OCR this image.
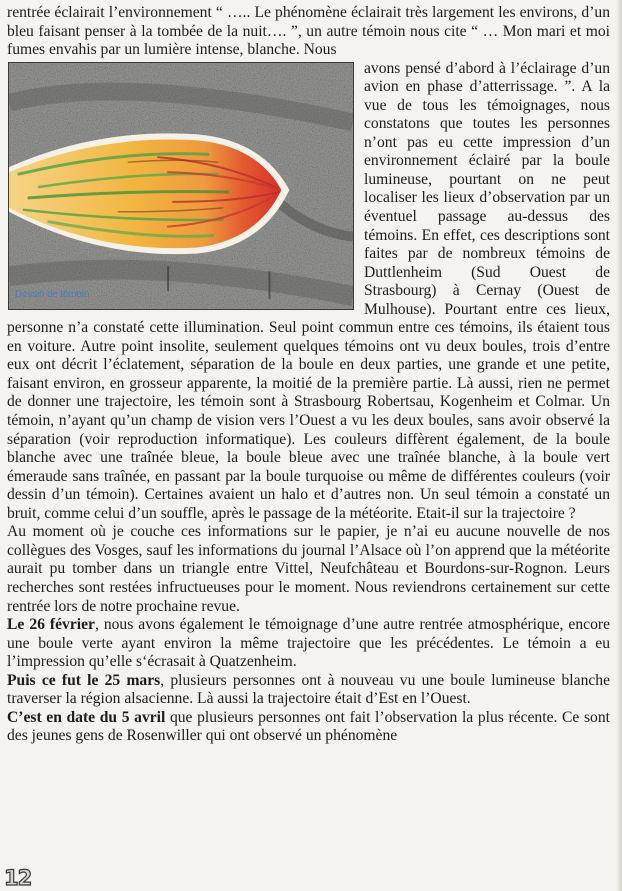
rentrée éclairait l’environnement “ ….. Le phénomène éclairait très largement les environs, d’un bleu faisant penser à la tombée de la nuit…. ”, un autre témoin nous cite “ … Mon mari et moi fumes envahis par un lumière intense, blanche. Nous

Dessin de témoin

avons pensé d’abord à l’éclairage d’un avion en phase d’atterrissage. ”. A la vue de tous les témoignages, nous constatons que toutes les personnes n’ont pas eu cette impression d’un environnement éclairé par la boule lumineuse, pourtant on ne peut localiser les lieux d’observation par un éventuel passage au-dessus des témoins. En effet, ces descriptions sont faites par de nombreux témoins de Duttlenheim (Sud Ouest de Strasbourg) à Cernay (Ouest de Mulhouse). Pourtant entre ces lieux, personne n’a constaté cette illumination. Seul point commun entre ces témoins, ils étaient tous en voiture. Autre point insolite, seulement quelques témoins ont vu deux boules, trois d’entre eux ont décrit l’éclatement, séparation de la boule en deux parties, une grande et une petite, faisant environ, en grosseur apparente, la moitié de la première partie. Là aussi, rien ne permet de donner une trajectoire, les témoin sont à Strasbourg Robertsau, Kogenheim et Colmar. Un témoin, n’ayant qu’un champ de vision vers l’Ouest a vu les deux boules, sans avoir observé la séparation (voir reproduction informatique). Les couleurs diffèrent également, de la boule blanche avec une traînée bleue, la boule bleue avec une traînée blanche, à la boule vert émeraude sans traînée, en passant par la boule turquoise ou même de différentes couleurs (voir dessin d’un témoin). Certaines avaient un halo et d’autres non. Un seul témoin a constaté un bruit, comme celui d’un souffle, après le passage de la météorite. Etait-il sur la trajectoire ?

Au moment où je couche ces informations sur le papier, je n’ai eu aucune nouvelle de nos collègues des Vosges, sauf les informations du journal l’Alsace où l’on apprend que la météorite aurait pu tomber dans un triangle entre Vittel, Neufchâteau et Bourdons-sur-Rognon. Leurs recherches sont restées infructueuses pour le moment. Nous reviendrons certainement sur cette rentrée lors de notre prochaine revue.

Le 26 février, nous avons également le témoignage d’une autre rentrée atmosphérique, encore une boule verte ayant environ la même trajectoire que les précédentes. Le témoin a eu l’impression qu’elle s‘écrasait à Quatzenheim.

Puis ce fut le 25 mars, plusieurs personnes ont à nouveau vu une boule lumineuse blanche traverser la région alsacienne. Là aussi la trajectoire était d’Est en l’Ouest.

C’est en date du 5 avril que plusieurs personnes ont fait l’observation la plus récente. Ce sont des jeunes gens de Rosenwiller qui ont observé un phénomène

12
